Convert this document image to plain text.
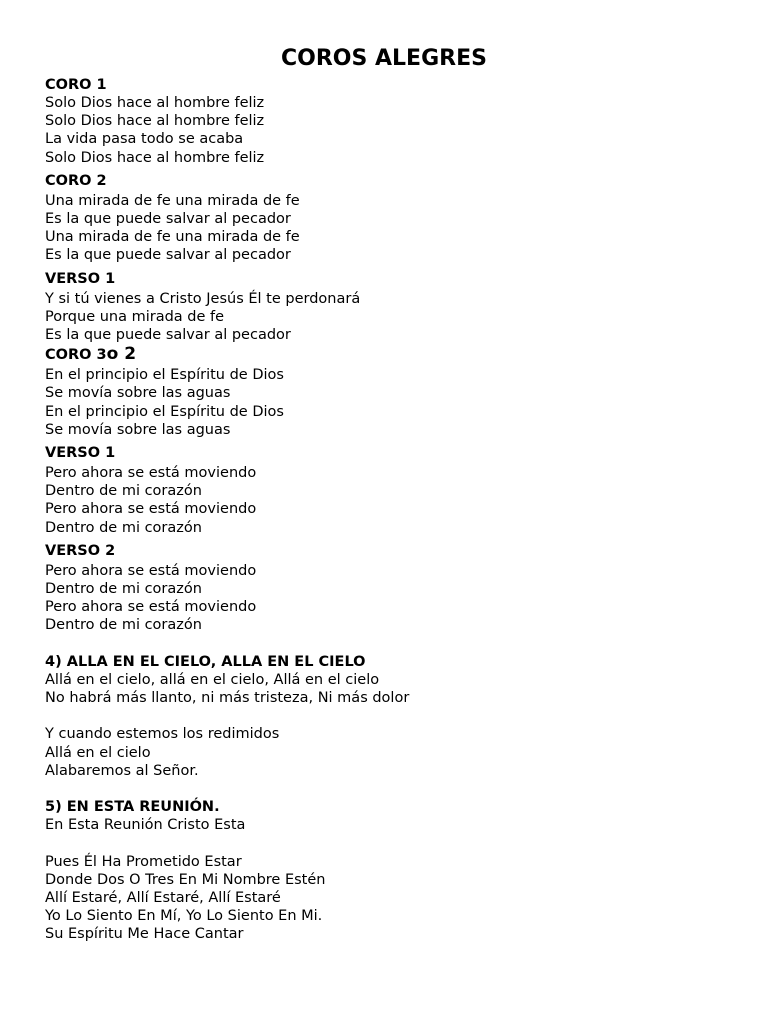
COROS ALEGRES
CORO 1
Solo Dios hace al hombre feliz
Solo Dios hace al hombre feliz
La vida pasa todo se acaba
Solo Dios hace al hombre feliz
CORO 2
Una mirada de fe una mirada de fe
Es la que puede salvar al pecador
Una mirada de fe una mirada de fe
Es la que puede salvar al pecador
VERSO 1
Y si tú vienes a Cristo Jesús Él te perdonará
Porque una mirada de fe
Es la que puede salvar al pecador
CORO 3o 2
En el principio el Espíritu de Dios
Se movía sobre las aguas
En el principio el Espíritu de Dios
Se movía sobre las aguas
VERSO 1
Pero ahora se está moviendo
Dentro de mi corazón
Pero ahora se está moviendo
Dentro de mi corazón
VERSO 2
Pero ahora se está moviendo
Dentro de mi corazón
Pero ahora se está moviendo
Dentro de mi corazón
4) ALLA EN EL CIELO, ALLA EN EL CIELO
Allá en el cielo, allá en el cielo, Allá en el cielo
No habrá más llanto, ni más tristeza, Ni más dolor
Y cuando estemos los redimidos
Allá en el cielo
Alabaremos al Señor.
5) EN ESTA REUNIÓN.
En Esta Reunión Cristo Esta
Pues Él Ha Prometido Estar
Donde Dos O Tres En Mi Nombre Estén
Allí Estaré, Allí Estaré, Allí Estaré
Yo Lo Siento En Mí, Yo Lo Siento En Mi.
Su Espíritu Me Hace Cantar
